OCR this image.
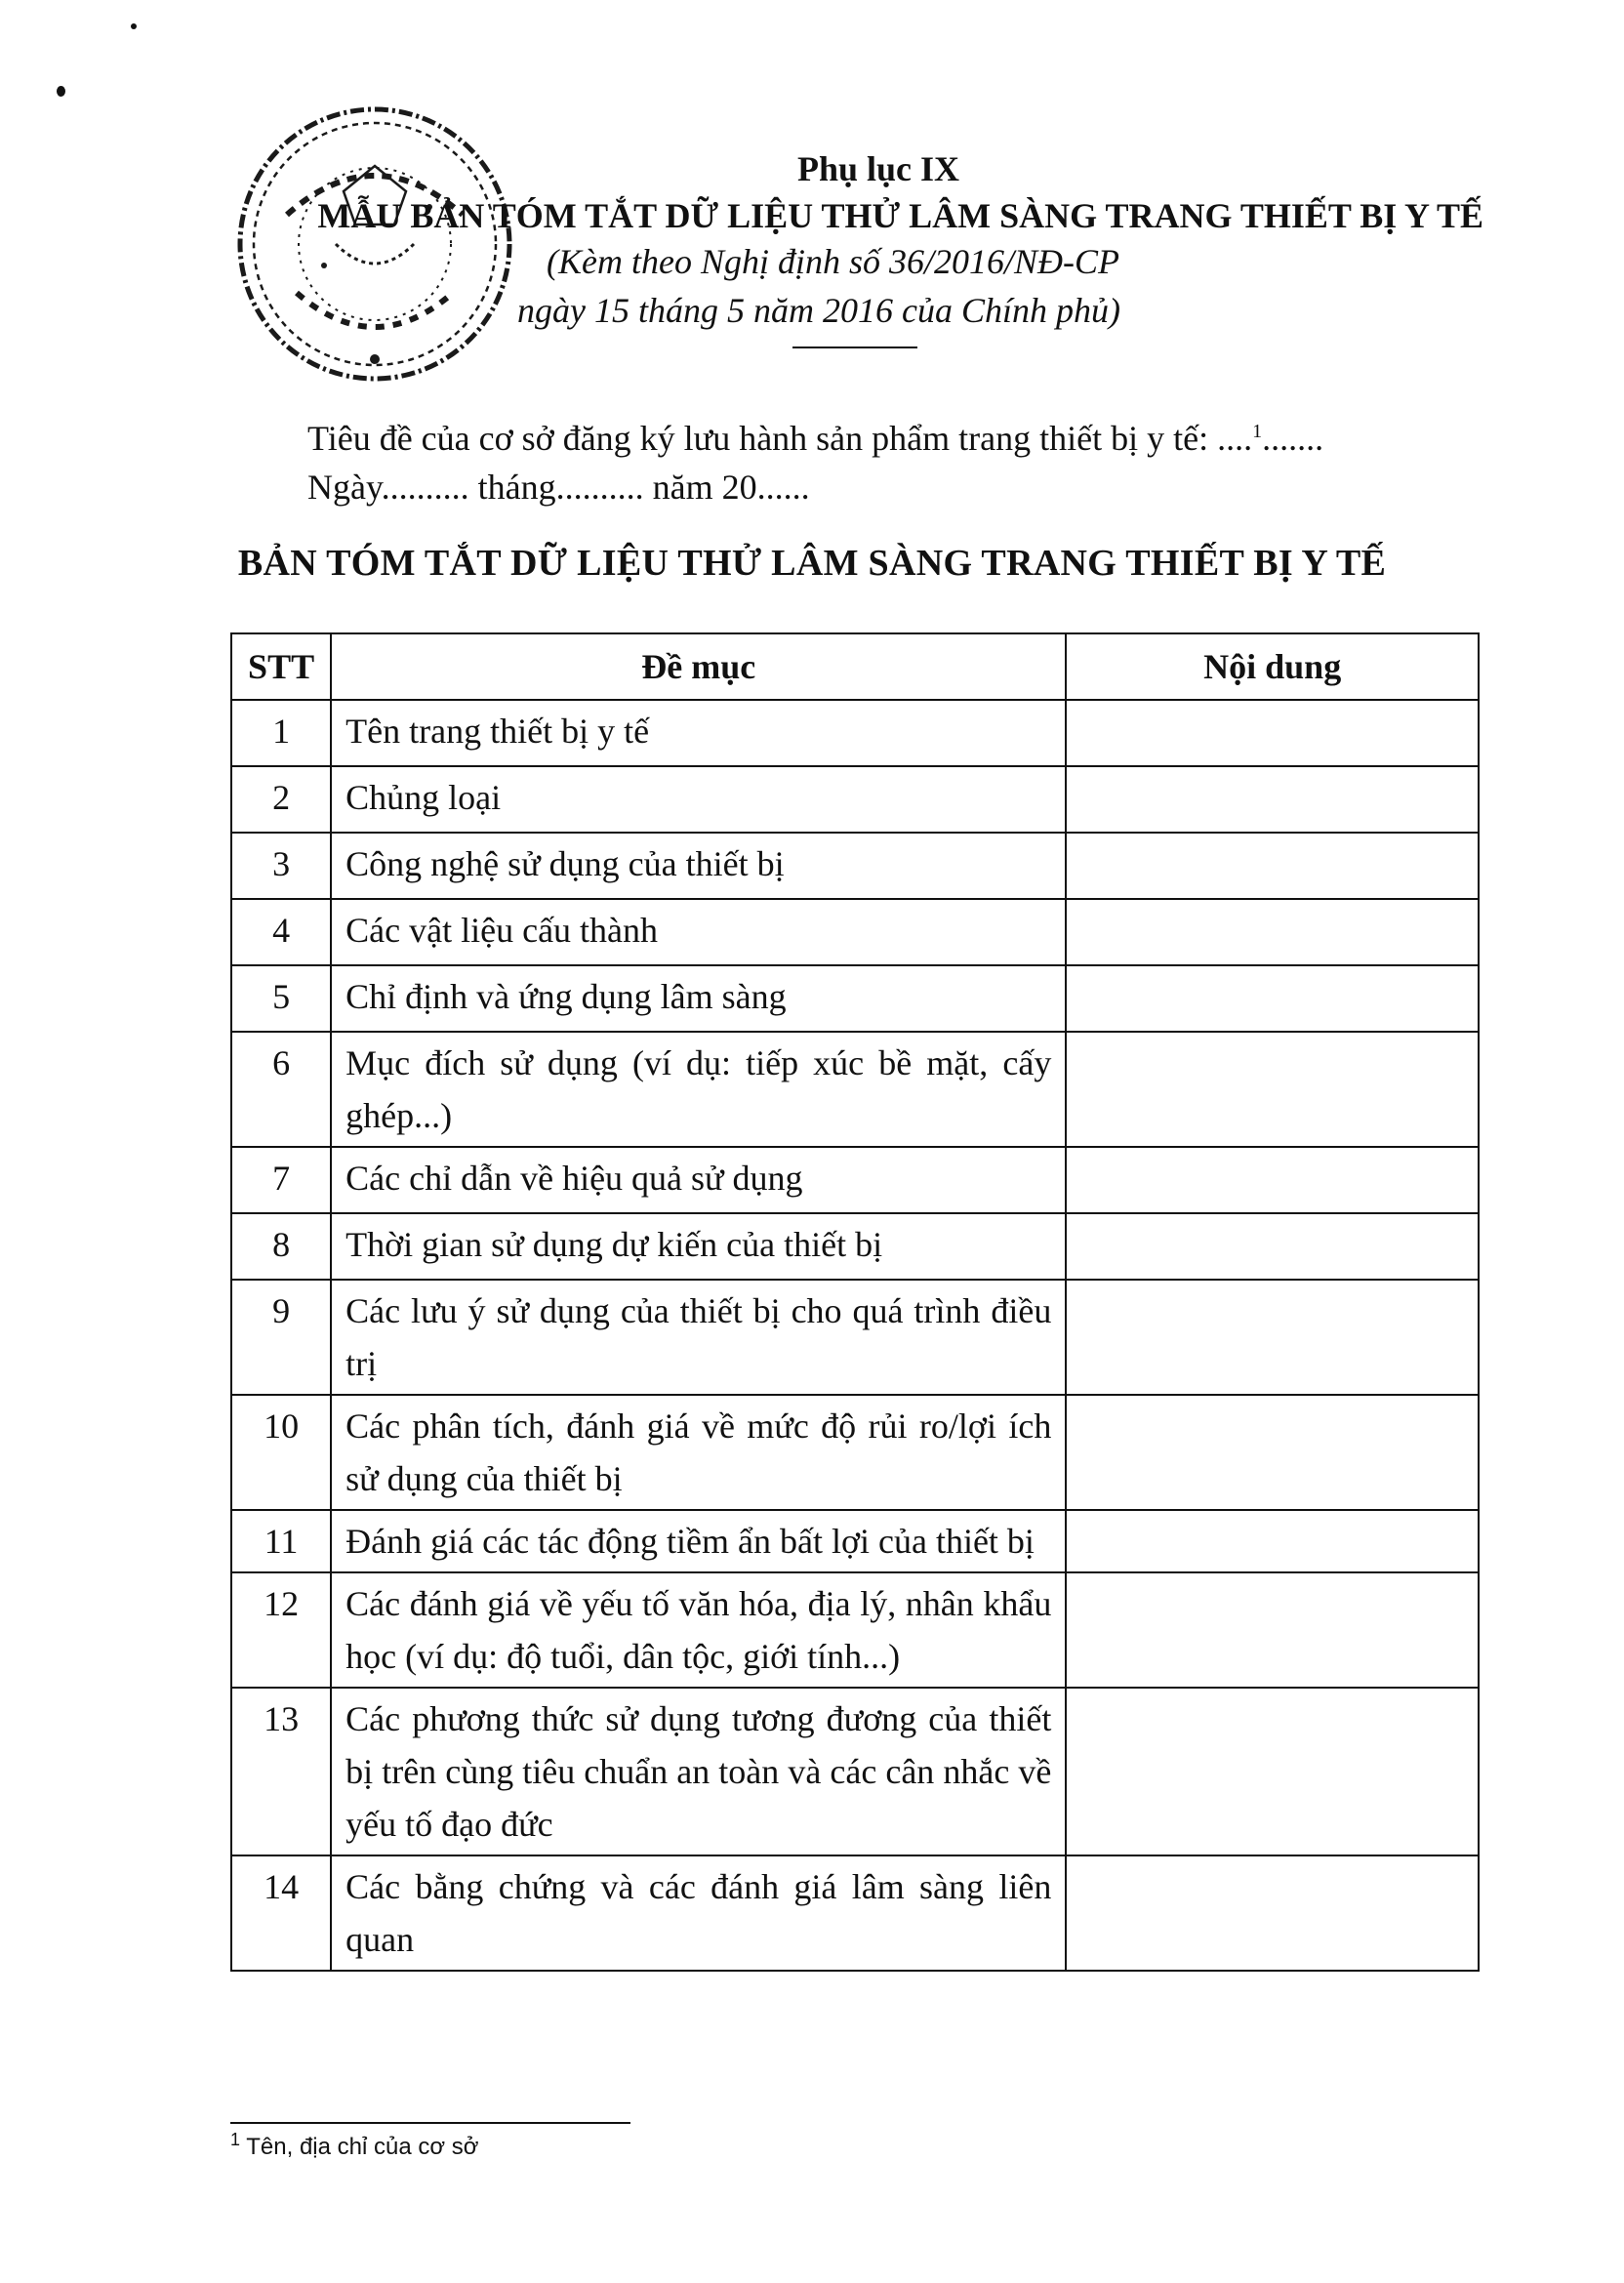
Phụ lục IX
MẪU BẢN TÓM TẮT DỮ LIỆU THỬ LÂM SÀNG TRANG THIẾT BỊ Y TẾ
(Kèm theo Nghị định số 36/2016/NĐ-CP
ngày 15 tháng 5 năm 2016 của Chính phủ)
Tiêu đề của cơ sở đăng ký lưu hành sản phẩm trang thiết bị y tế: ....$^1$.......
Ngày.......... tháng.......... năm 20......
BẢN TÓM TẮT DỮ LIỆU THỬ LÂM SÀNG TRANG THIẾT BỊ Y TẾ
STT	Đề mục	Nội dung
1	Tên trang thiết bị y tế	
2	Chủng loại	
3	Công nghệ sử dụng của thiết bị	
4	Các vật liệu cấu thành	
5	Chỉ định và ứng dụng lâm sàng	
6	Mục đích sử dụng (ví dụ: tiếp xúc bề mặt, cấy ghép...)	
7	Các chỉ dẫn về hiệu quả sử dụng	
8	Thời gian sử dụng dự kiến của thiết bị	
9	Các lưu ý sử dụng của thiết bị cho quá trình điều trị	
10	Các phân tích, đánh giá về mức độ rủi ro/lợi ích sử dụng của thiết bị	
11	Đánh giá các tác động tiềm ẩn bất lợi của thiết bị	
12	Các đánh giá về yếu tố văn hóa, địa lý, nhân khẩu học (ví dụ: độ tuổi, dân tộc, giới tính...)	
13	Các phương thức sử dụng tương đương của thiết bị trên cùng tiêu chuẩn an toàn và các cân nhắc về yếu tố đạo đức	
14	Các bằng chứng và các đánh giá lâm sàng liên quan	
$^1$ Tên, địa chỉ của cơ sở
